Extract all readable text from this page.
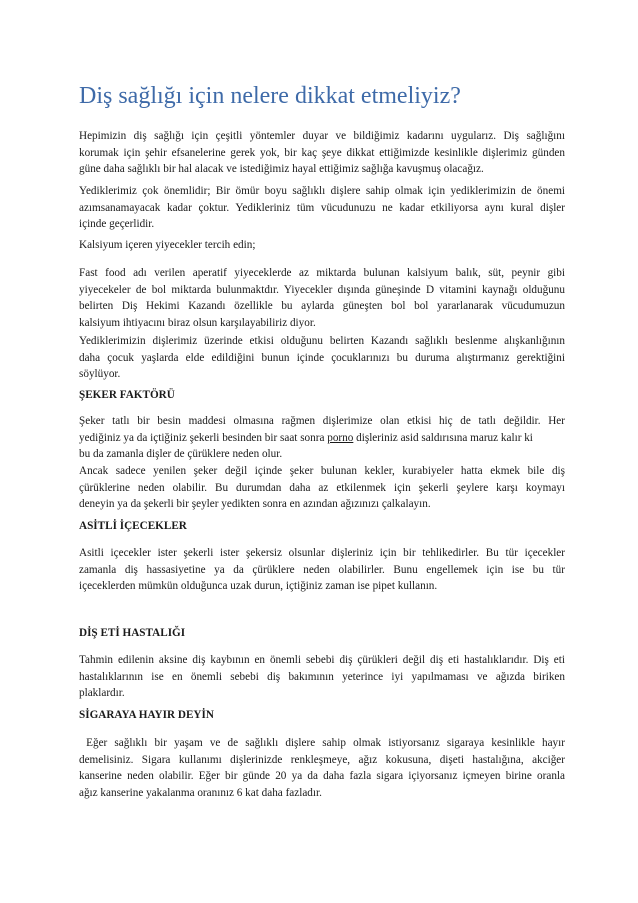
Diş sağlığı için nelere dikkat etmeliyiz?
Hepimizin diş sağlığı için çeşitli yöntemler duyar ve bildiğimiz kadarını uygularız. Diş sağlığını
korumak için şehir efsanelerine gerek yok, bir kaç şeye dikkat ettiğimizde kesinlikle dişlerimiz günden
güne daha sağlıklı bir hal alacak ve istediğimiz hayal ettiğimiz sağlığa kavuşmuş olacağız.
Yediklerimiz çok önemlidir; Bir ömür boyu sağlıklı dişlere sahip olmak için yediklerimizin de önemi
azımsanamayacak kadar çoktur. Yedikleriniz tüm vücudunuzu ne kadar etkiliyorsa aynı kural dişler
içinde geçerlidir.
Kalsiyum içeren yiyecekler tercih edin;
Fast food adı verilen aperatif yiyeceklerde az miktarda bulunan kalsiyum balık, süt, peynir gibi
yiyecekeler de bol miktarda bulunmaktdır. Yiyecekler dışında güneşinde D vitamini kaynağı olduğunu
belirten Diş Hekimi Kazandı özellikle bu aylarda güneşten bol bol yararlanarak vücudumuzun
kalsiyum ihtiyacını biraz olsun karşılayabiliriz diyor.
Yediklerimizin dişlerimiz üzerinde etkisi olduğunu belirten Kazandı sağlıklı beslenme alışkanlığının
daha çocuk yaşlarda elde edildiğini bunun içinde çocuklarınızı bu duruma alıştırmanız gerektiğini
söylüyor.
ŞEKER FAKTÖRÜ
Şeker tatlı bir besin maddesi olmasına rağmen dişlerimize olan etkisi hiç de tatlı değildir. Her
yediğiniz ya da içtiğiniz şekerli besinden bir saat sonra porno dişleriniz asid saldırısına maruz kalır ki
bu da zamanla dişler de çürüklere neden olur.
Ancak sadece yenilen şeker değil içinde şeker bulunan kekler, kurabiyeler hatta ekmek bile diş
çürüklerine neden olabilir. Bu durumdan daha az etkilenmek için şekerli şeylere karşı koymayı
deneyin ya da şekerli bir şeyler yedikten sonra en azından ağızınızı çalkalayın.
ASİTLİ İÇECEKLER
Asitli içecekler ister şekerli ister şekersiz olsunlar dişleriniz için bir tehlikedirler. Bu tür içecekler
zamanla diş hassasiyetine ya da çürüklere neden olabilirler. Bunu engellemek için ise bu tür
içeceklerden mümkün olduğunca uzak durun, içtiğiniz zaman ise pipet kullanın.
DİŞ ETİ HASTALIĞI
Tahmin edilenin aksine diş kaybının en önemli sebebi diş çürükleri değil diş eti hastalıklarıdır. Diş eti
hastalıklarının ise en önemli sebebi diş bakımının yeterince iyi yapılmaması ve ağızda biriken
plaklardır.
SİGARAYA HAYIR DEYİN
Eğer sağlıklı bir yaşam ve de sağlıklı dişlere sahip olmak istiyorsanız sigaraya kesinlikle hayır
demelisiniz. Sigara kullanımı dişlerinizde renkleşmeye, ağız kokusuna, dişeti hastalığına, akciğer
kanserine neden olabilir. Eğer bir günde 20 ya da daha fazla sigara içiyorsanız içmeyen birine oranla
ağız kanserine yakalanma oranınız 6 kat daha fazladır.
